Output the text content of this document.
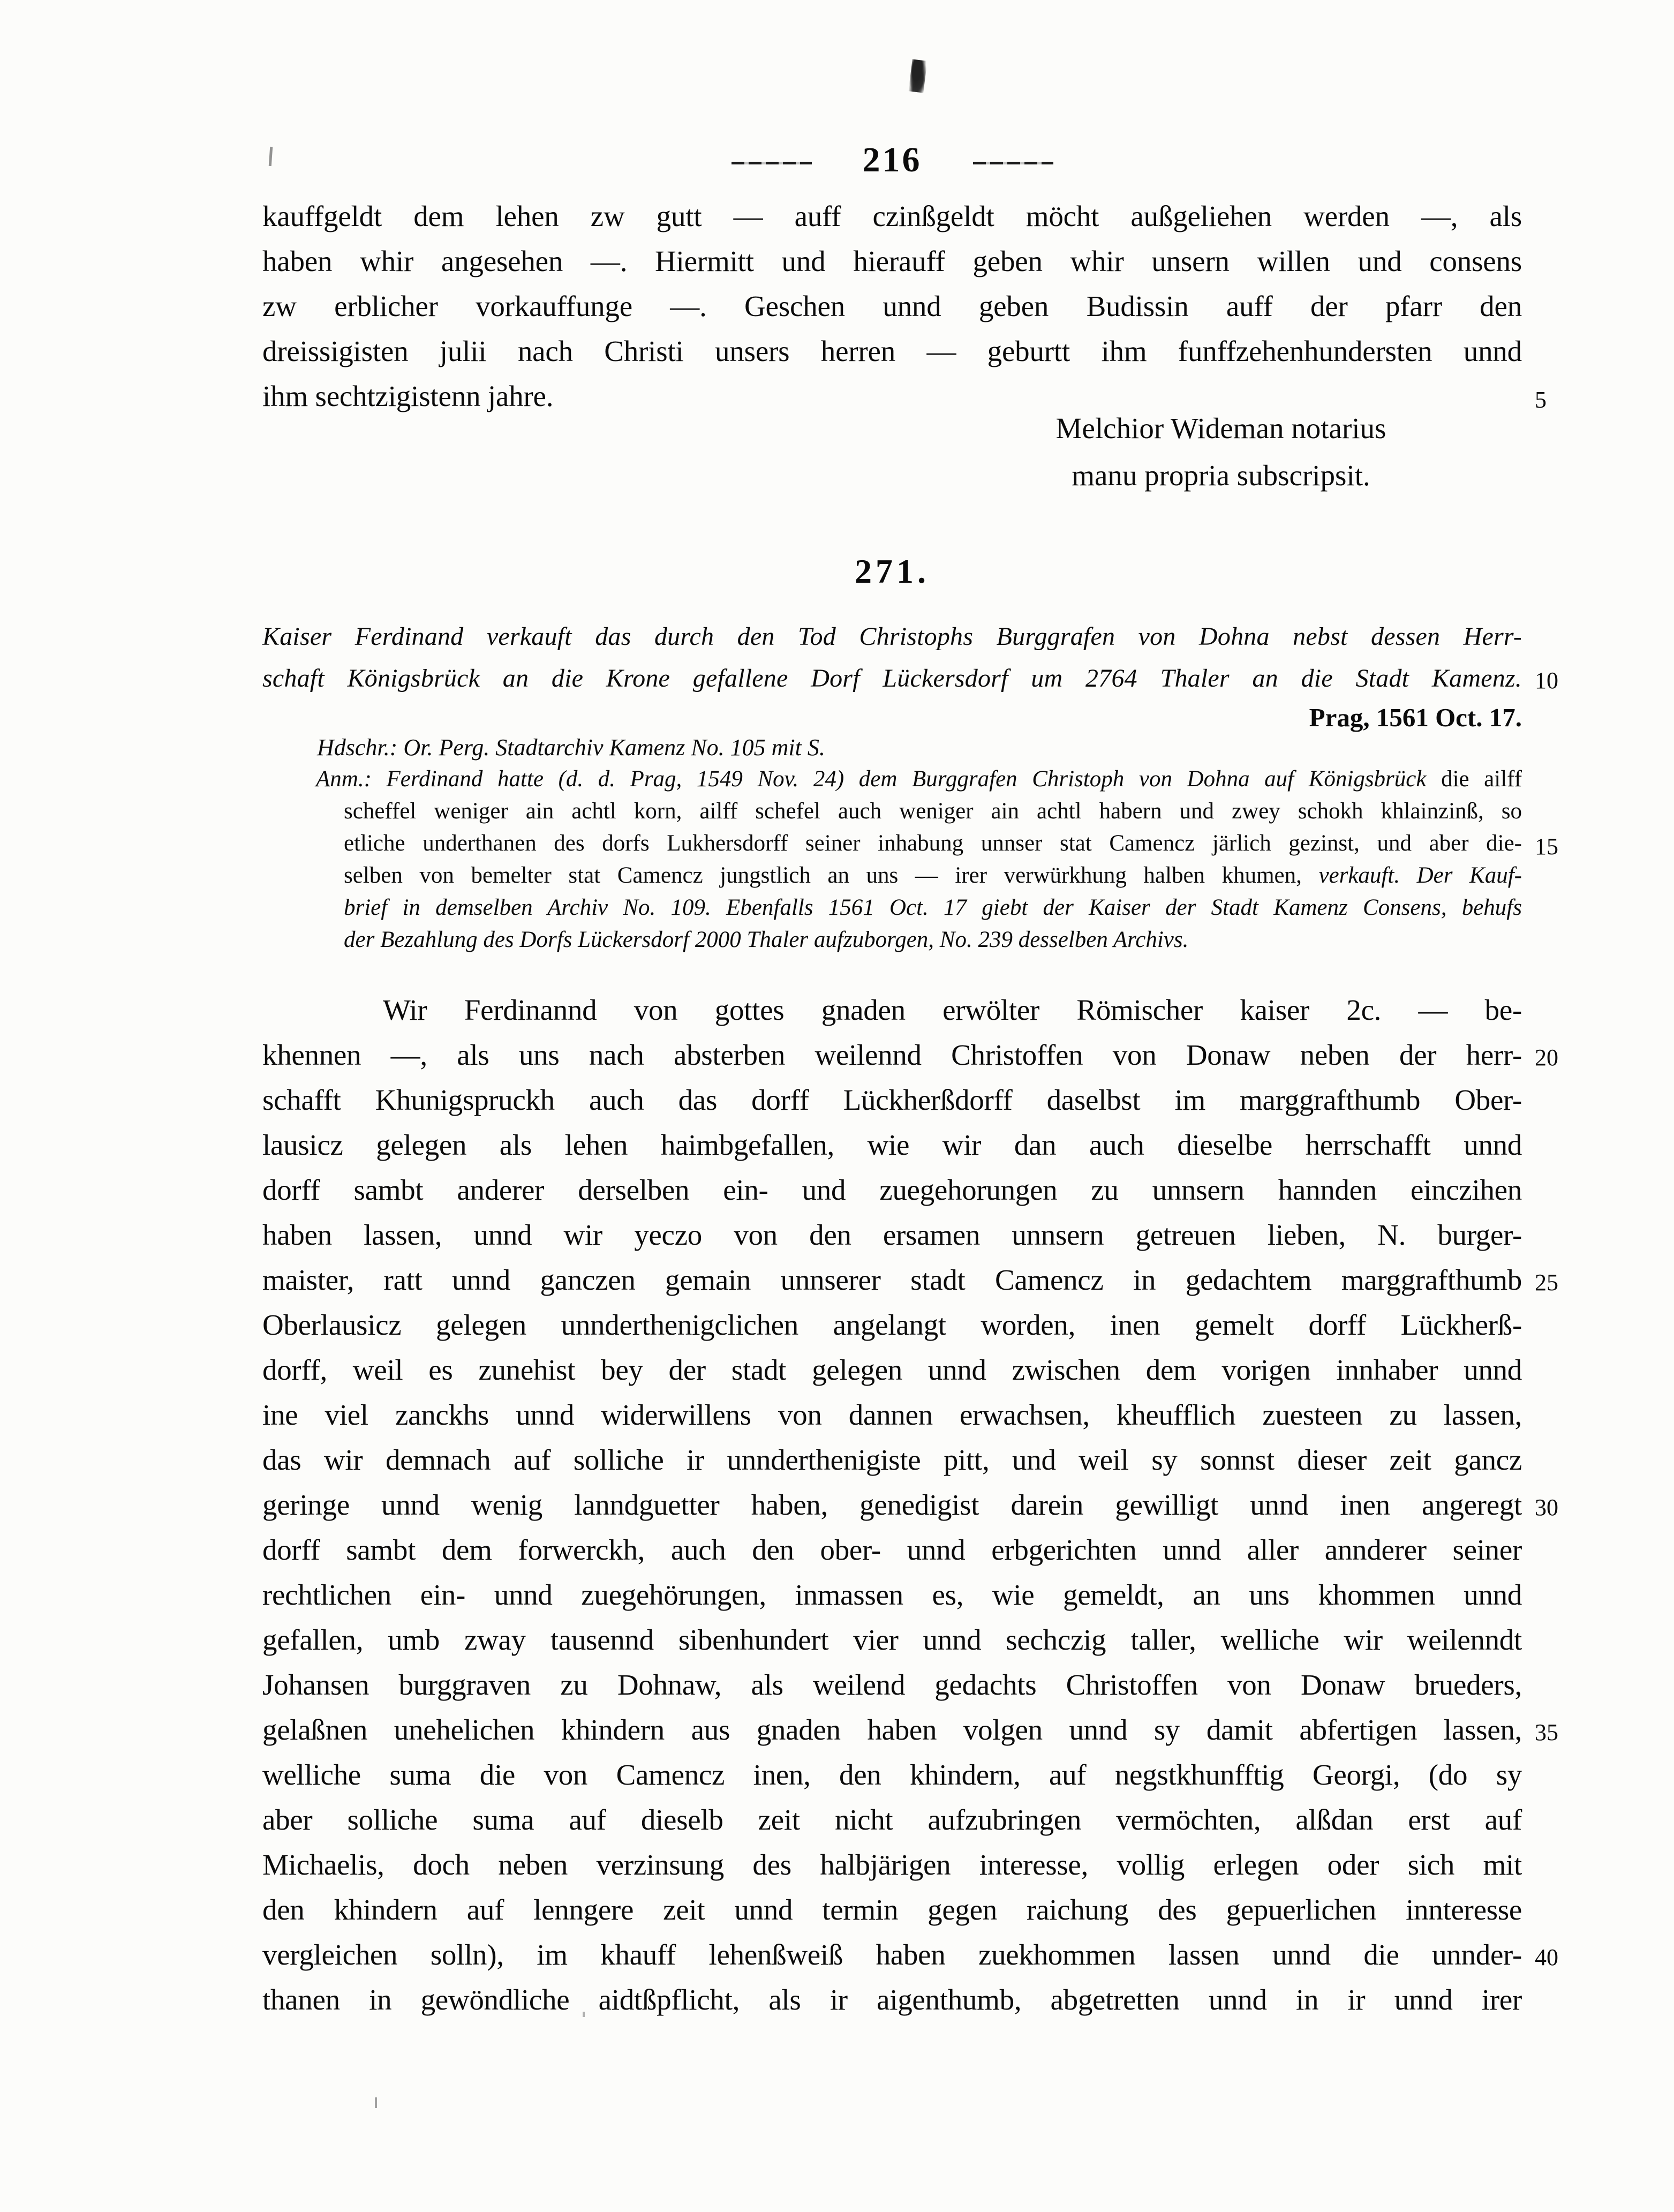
216
kauffgeldt dem lehen zw gutt — auff czinßgeldt möcht außgeliehen werden —, als
haben whir angesehen —. Hiermitt und hierauff geben whir unsern willen und consens
zw erblicher vorkauffunge —. Geschen unnd geben Budissin auff der pfarr den
dreissigisten julii nach Christi unsers herren — geburtt ihm funffzehenhundersten unnd
ihm sechtzigistenn jahre.
Melchior Wideman notarius
manu propria subscripsit.
271.
Kaiser Ferdinand verkauft das durch den Tod Christophs Burggrafen von Dohna nebst dessen Herr-
schaft Königsbrück an die Krone gefallene Dorf Lückersdorf um 2764 Thaler an die Stadt Kamenz.
Prag, 1561 Oct. 17.
Hdschr.: Or. Perg. Stadtarchiv Kamenz No. 105 mit S.
Anm.: Ferdinand hatte (d. d. Prag, 1549 Nov. 24) dem Burggrafen Christoph von Dohna auf Königsbrück die ailff
scheffel weniger ain achtl korn, ailff schefel auch weniger ain achtl habern und zwey schokh khlainzinß, so
etliche underthanen des dorfs Lukhersdorff seiner inhabung unnser stat Camencz järlich gezinst, und aber die-
selben von bemelter stat Camencz jungstlich an uns — irer verwürkhung halben khumen, verkauft. Der Kauf-
brief in demselben Archiv No. 109. Ebenfalls 1561 Oct. 17 giebt der Kaiser der Stadt Kamenz Consens, behufs
der Bezahlung des Dorfs Lückersdorf 2000 Thaler aufzuborgen, No. 239 desselben Archivs.
Wir Ferdinannd von gottes gnaden erwölter Römischer kaiser 2c. — be-
khennen —, als uns nach absterben weilennd Christoffen von Donaw neben der herr-
schafft Khunigspruckh auch das dorff Lückherßdorff daselbst im marggrafthumb Ober-
lausicz gelegen als lehen haimbgefallen, wie wir dan auch dieselbe herrschafft unnd
dorff sambt anderer derselben ein- und zuegehorungen zu unnsern hannden einczihen
haben lassen, unnd wir yeczo von den ersamen unnsern getreuen lieben, N. burger-
maister, ratt unnd ganczen gemain unnserer stadt Camencz in gedachtem marggrafthumb
Oberlausicz gelegen unnderthenigclichen angelangt worden, inen gemelt dorff Lückherß-
dorff, weil es zunehist bey der stadt gelegen unnd zwischen dem vorigen innhaber unnd
ine viel zanckhs unnd widerwillens von dannen erwachsen, kheufflich zuesteen zu lassen,
das wir demnach auf solliche ir unnderthenigiste pitt, und weil sy sonnst dieser zeit gancz
geringe unnd wenig lanndguetter haben, genedigist darein gewilligt unnd inen angeregt
dorff sambt dem forwerckh, auch den ober- unnd erbgerichten unnd aller annderer seiner
rechtlichen ein- unnd zuegehörungen, inmassen es, wie gemeldt, an uns khommen unnd
gefallen, umb zway tausennd sibenhundert vier unnd sechczig taller, welliche wir weilenndt
Johansen burggraven zu Dohnaw, als weilend gedachts Christoffen von Donaw brueders,
gelaßnen unehelichen khindern aus gnaden haben volgen unnd sy damit abfertigen lassen,
welliche suma die von Camencz inen, den khindern, auf negstkhunfftig Georgi, (do sy
aber solliche suma auf dieselb zeit nicht aufzubringen vermöchten, alßdan erst auf
Michaelis, doch neben verzinsung des halbjärigen interesse, vollig erlegen oder sich mit
den khindern auf lenngere zeit unnd termin gegen raichung des gepuerlichen innteresse
vergleichen solln), im khauff lehenßweiß haben zuekhommen lassen unnd die unnder-
thanen in gewöndliche aidtßpflicht, als ir aigenthumb, abgetretten unnd in ir unnd irer
5
10
15
20
25
30
35
40
